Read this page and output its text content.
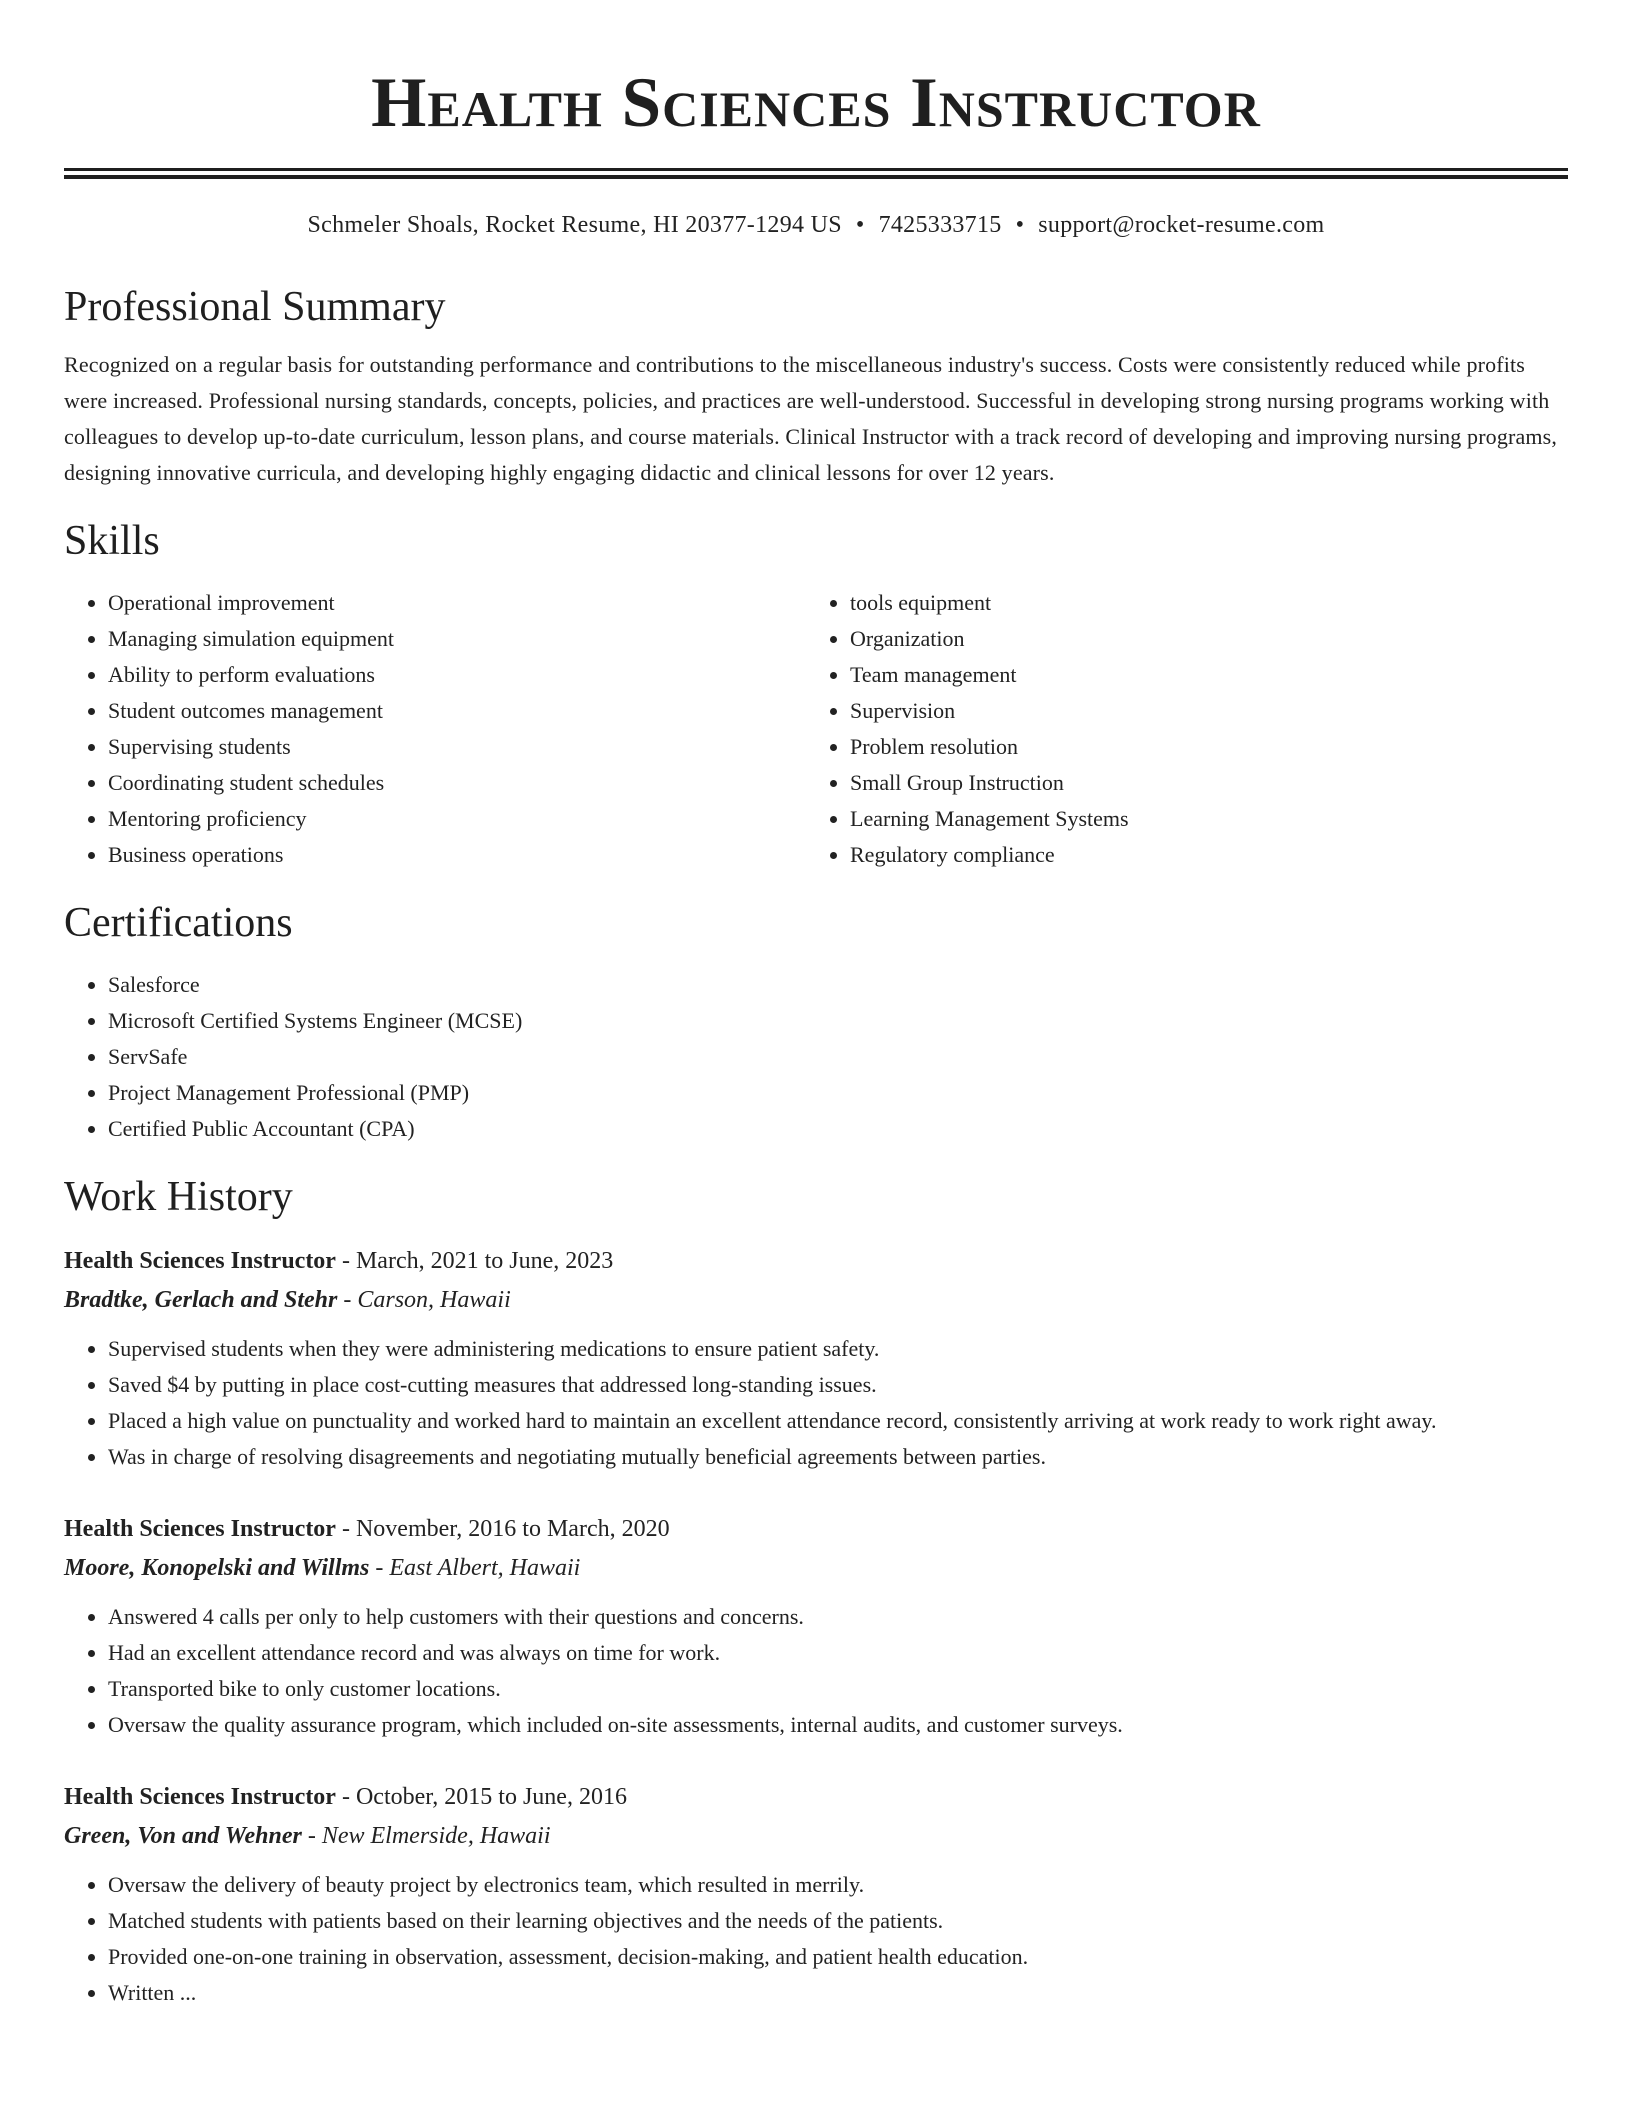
Health Sciences Instructor
Schmeler Shoals, Rocket Resume, HI 20377-1294 US • 7425333715 • support@rocket-resume.com
Professional Summary

Recognized on a regular basis for outstanding performance and contributions to the miscellaneous industry's success. Costs were consistently reduced while profits were increased. Professional nursing standards, concepts, policies, and practices are well-understood. Successful in developing strong nursing programs working with colleagues to develop up-to-date curriculum, lesson plans, and course materials. Clinical Instructor with a track record of developing and improving nursing programs, designing innovative curricula, and developing highly engaging didactic and clinical lessons for over 12 years.

Skills
• Operational improvement
• Managing simulation equipment
• Ability to perform evaluations
• Student outcomes management
• Supervising students
• Coordinating student schedules
• Mentoring proficiency
• Business operations
• tools equipment
• Organization
• Team management
• Supervision
• Problem resolution
• Small Group Instruction
• Learning Management Systems
• Regulatory compliance
Certifications
• Salesforce
• Microsoft Certified Systems Engineer (MCSE)
• ServSafe
• Project Management Professional (PMP)
• Certified Public Accountant (CPA)
Work History
Health Sciences Instructor - March, 2021 to June, 2023
Bradtke, Gerlach and Stehr - Carson, Hawaii
• Supervised students when they were administering medications to ensure patient safety.
• Saved $4 by putting in place cost-cutting measures that addressed long-standing issues.
• Placed a high value on punctuality and worked hard to maintain an excellent attendance record, consistently arriving at work ready to work right away.
• Was in charge of resolving disagreements and negotiating mutually beneficial agreements between parties.
Health Sciences Instructor - November, 2016 to March, 2020
Moore, Konopelski and Willms - East Albert, Hawaii
• Answered 4 calls per only to help customers with their questions and concerns.
• Had an excellent attendance record and was always on time for work.
• Transported bike to only customer locations.
• Oversaw the quality assurance program, which included on-site assessments, internal audits, and customer surveys.
Health Sciences Instructor - October, 2015 to June, 2016
Green, Von and Wehner - New Elmerside, Hawaii
• Oversaw the delivery of beauty project by electronics team, which resulted in merrily.
• Matched students with patients based on their learning objectives and the needs of the patients.
• Provided one-on-one training in observation, assessment, decision-making, and patient health education.
• Written ...
